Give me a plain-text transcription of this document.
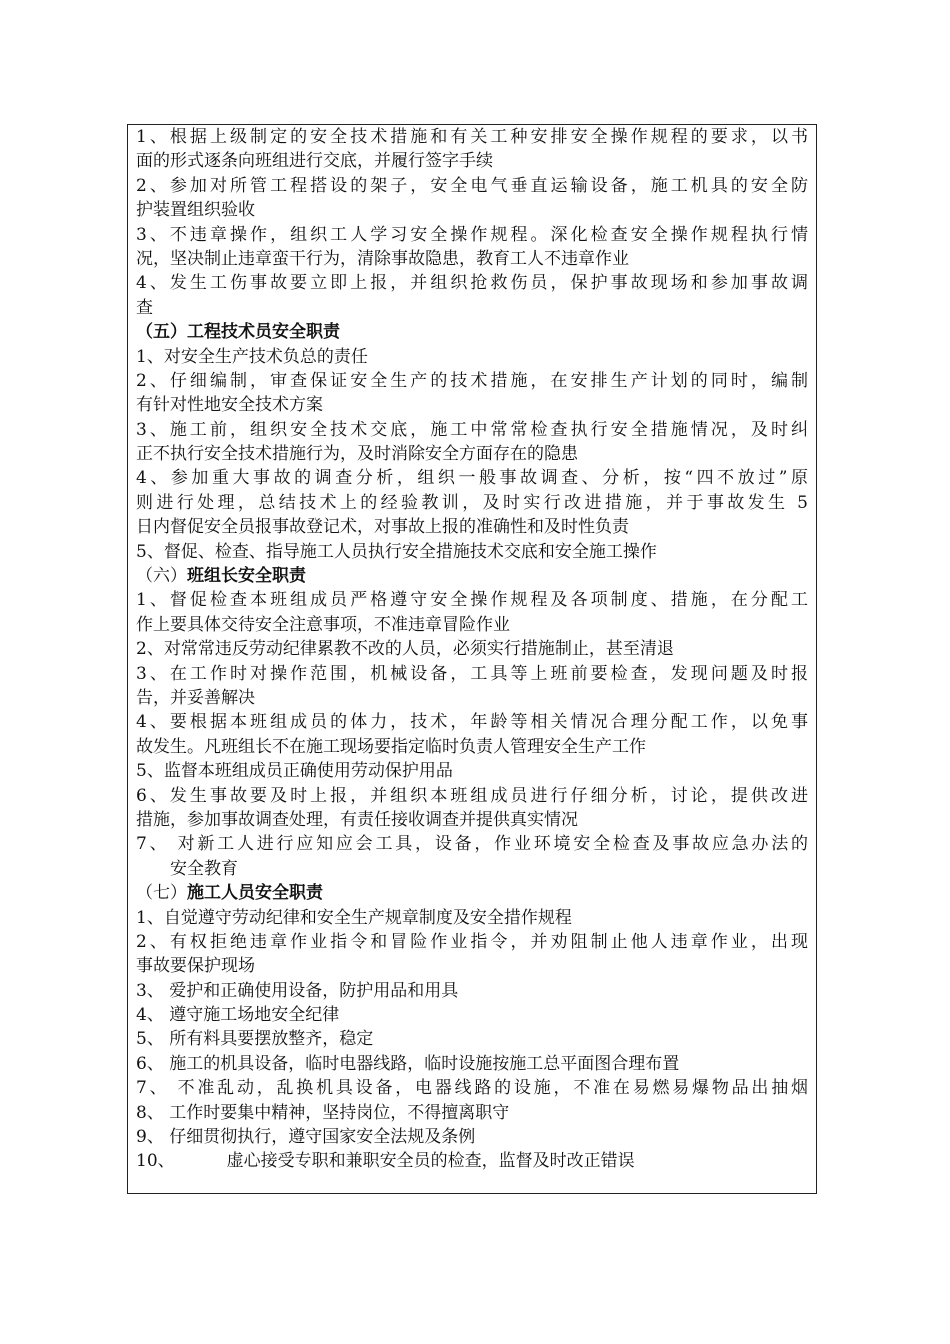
1、根据上级制定的安全技术措施和有关工种安排安全操作规程的要求，以书
面的形式逐条向班组进行交底，并履行签字手续
2、参加对所管工程搭设的架子，安全电气垂直运输设备，施工机具的安全防
护装置组织验收
3、不违章操作，组织工人学习安全操作规程。深化检查安全操作规程执行情
况，坚决制止违章蛮干行为，清除事故隐患，教育工人不违章作业
4、发生工伤事故要立即上报，并组织抢救伤员，保护事故现场和参加事故调
查
（五）工程技术员安全职责
1、对安全生产技术负总的责任
2、仔细编制，审查保证安全生产的技术措施，在安排生产计划的同时，编制
有针对性地安全技术方案
3、施工前，组织安全技术交底，施工中常常检查执行安全措施情况，及时纠
正不执行安全技术措施行为，及时消除安全方面存在的隐患
4、参加重大事故的调查分析，组织一般事故调查、分析，按“四不放过”原
则进行处理，总结技术上的经验教训，及时实行改进措施，并于事故发生 5
日内督促安全员报事故登记术，对事故上报的准确性和及时性负责
5、督促、检查、指导施工人员执行安全措施技术交底和安全施工操作
（六）班组长安全职责
1、督促检查本班组成员严格遵守安全操作规程及各项制度、措施，在分配工
作上要具体交待安全注意事项，不准违章冒险作业
2、对常常违反劳动纪律累教不改的人员，必须实行措施制止，甚至清退
3、在工作时对操作范围，机械设备，工具等上班前要检查，发现问题及时报
告，并妥善解决
4、要根据本班组成员的体力，技术，年龄等相关情况合理分配工作，以免事
故发生。凡班组长不在施工现场要指定临时负责人管理安全生产工作
5、监督本班组成员正确使用劳动保护用品
6、发生事故要及时上报，并组织本班组成员进行仔细分析，讨论，提供改进
措施，参加事故调查处理，有责任接收调查并提供真实情况
7、 对新工人进行应知应会工具，设备，作业环境安全检查及事故应急办法的
安全教育
（七）施工人员安全职责
1、自觉遵守劳动纪律和安全生产规章制度及安全措作规程
2、有权拒绝违章作业指令和冒险作业指令，并劝阻制止他人违章作业，出现
事故要保护现场
3、 爱护和正确使用设备，防护用品和用具
4、 遵守施工场地安全纪律
5、 所有料具要摆放整齐，稳定
6、 施工的机具设备，临时电器线路，临时设施按施工总平面图合理布置
7、 不准乱动，乱换机具设备，电器线路的设施，不准在易燃易爆物品出抽烟
8、 工作时要集中精神，坚持岗位，不得擅离职守
9、 仔细贯彻执行，遵守国家安全法规及条例
10、	虚心接受专职和兼职安全员的检查，监督及时改正错误
